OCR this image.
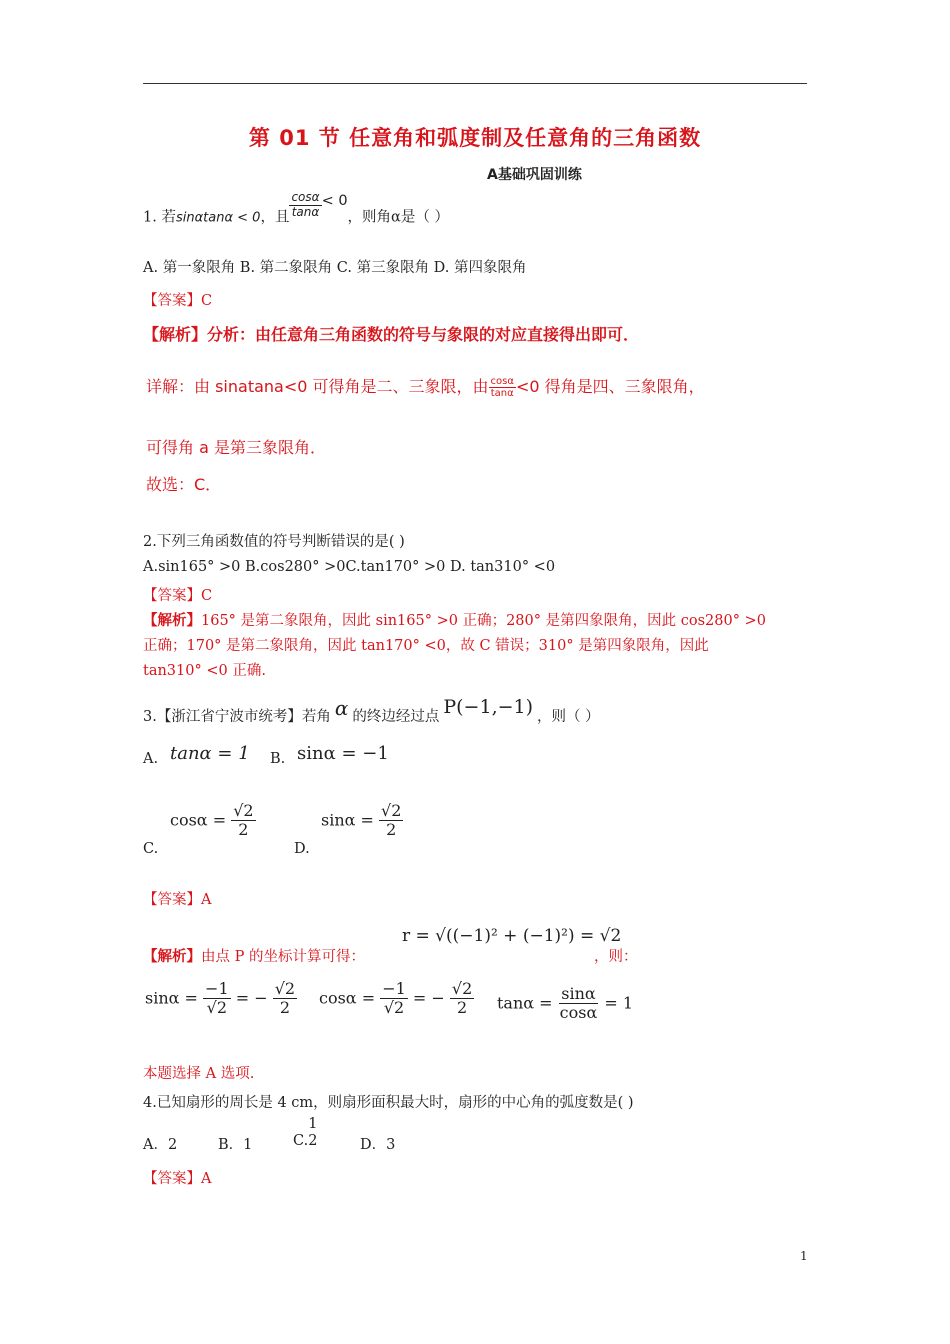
第 01 节 任意角和弧度制及任意角的三角函数
A基础巩固训练
1. 若sinαtanα < 0，且 $\frac{\cos\alpha}{\tan\alpha} < 0$，则角α是（ ）
A. 第一象限角 B. 第二象限角 C. 第三象限角 D. 第四象限角
【答案】C
【解析】分析：由任意角三角函数的符号与象限的对应直接得出即可．
详解：由 sinatana<0 可得角是二、三象限，由 $\frac{\cos\alpha}{\tan\alpha} <0$ 得角是四、三象限角，
可得角 a 是第三象限角．
故选：C．
2.下列三角函数值的符号判断错误的是( )
A.sin165° >0 B.cos280° >0C.tan170° >0 D. tan310° <0
【答案】C
【解析】165° 是第二象限角，因此 sin165° >0 正确；280° 是第四象限角，因此 cos280° >0
正确；170° 是第二象限角，因此 tan170° <0，故 C 错误；310° 是第四象限角，因此
tan310° <0 正确.
3.【浙江省宁波市统考】若角 α 的终边经过点 P(−1,−1) ，则（ ）
A. tanα = 1 B. sinα = −1
C.
$\cos\alpha = \frac{√2}{2}$
D.
$\sin\alpha = \frac{√2}{2}$
【答案】A
【解析】由点 P 的坐标计算可得：
r = √((−1)² + (−1)²) = √2
，则：
$\sin\alpha = \frac{-1}{√2}$ = − $\frac{√2}{2}$ $\cos\alpha = \frac{-1}{√2}$ = − $\frac{√2}{2}$ $\tan\alpha = \frac{\sin\alpha}{\cos\alpha} = 1$
本题选择 A 选项.
4.已知扇形的周长是 4 cm，则扇形面积最大时，扇形的中心角的弧度数是( )
A．2	B．1	C.
1
2	D．3
【答案】A
1
